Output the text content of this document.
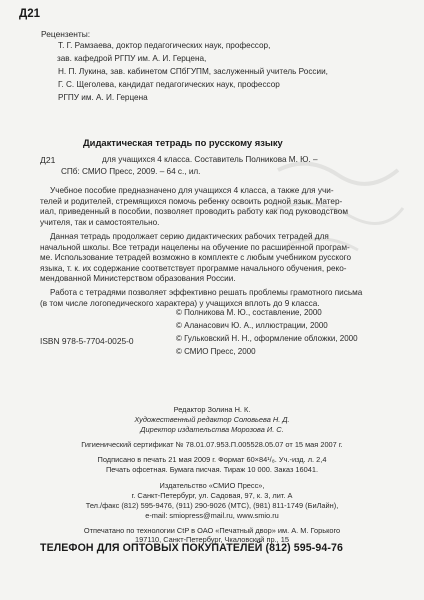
Д21
Рецензенты:
Т. Г. Рамзаева, доктор педагогических наук, профессор,
зав. кафедрой РГПУ им. А. И. Герцена,
Н. П. Лукина, зав. кабинетом СПбГУПМ, заслуженный учитель России,
Г. С. Щеголева, кандидат педагогических наук, профессор
РГПУ им. А. И. Герцена
Дидактическая тетрадь по русскому языку
Д21	для учащихся 4 класса. Составитель Полникова М. Ю. –
СПб: СМИО Пресс, 2009. – 64 с., ил.
Учебное пособие предназначено для учащихся 4 класса, а также для учи-
телей и родителей, стремящихся помочь ребенку освоить родной язык. Матер-
иал, приведенный в пособии, позволяет проводить работу как под руководством
учителя, так и самостоятельно.
Данная тетрадь продолжает серию дидактических рабочих тетрадей для
начальной школы. Все тетради нацелены на обучение по расширенной програм-
ме. Использование тетрадей возможно в комплекте с любым учебником русского
языка, т. к. их содержание соответствует программе начального обучения, реко-
мендованной Министерством образования России.
Работа с тетрадями позволяет эффективно решать проблемы грамотного письма
(в том числе логопедического характера) у учащихся вплоть до 9 класса.
© Полникова М. Ю., составление, 2000
© Аланасович Ю. А., иллюстрации, 2000
© Гульковский Н. Н., оформление обложки, 2000
© СМИО Пресс, 2000
ISBN 978-5-7704-0025-0
Редактор Золина Н. К.
Художественный редактор Соловьева Н. Д.
Директор издательства Морозова И. С.
Гигиенический сертификат № 78.01.07.953.П.005528.05.07 от 15 мая 2007 г.
Подписано в печать 21 мая 2009 г. Формат 60×84¹/₈. Уч.-изд. л. 2,4
Печать офсетная. Бумага писчая. Тираж 10 000. Заказ 16041.
Издательство «СМИО Пресс»,
г. Санкт-Петербург, ул. Садовая, 97, к. 3, лит. А
Тел./факс (812) 595-9476, (911) 290-9026 (МТС), (981) 811-1749 (БиЛайн),
e-mail: smiopress@mail.ru, www.smio.ru
Отпечатано по технологии СtP в ОАО «Печатный двор» им. А. М. Горького
197110, Санкт-Петербург, Чкаловский пр., 15
ТЕЛЕФОН ДЛЯ ОПТОВЫХ ПОКУПАТЕЛЕЙ (812) 595-94-76
